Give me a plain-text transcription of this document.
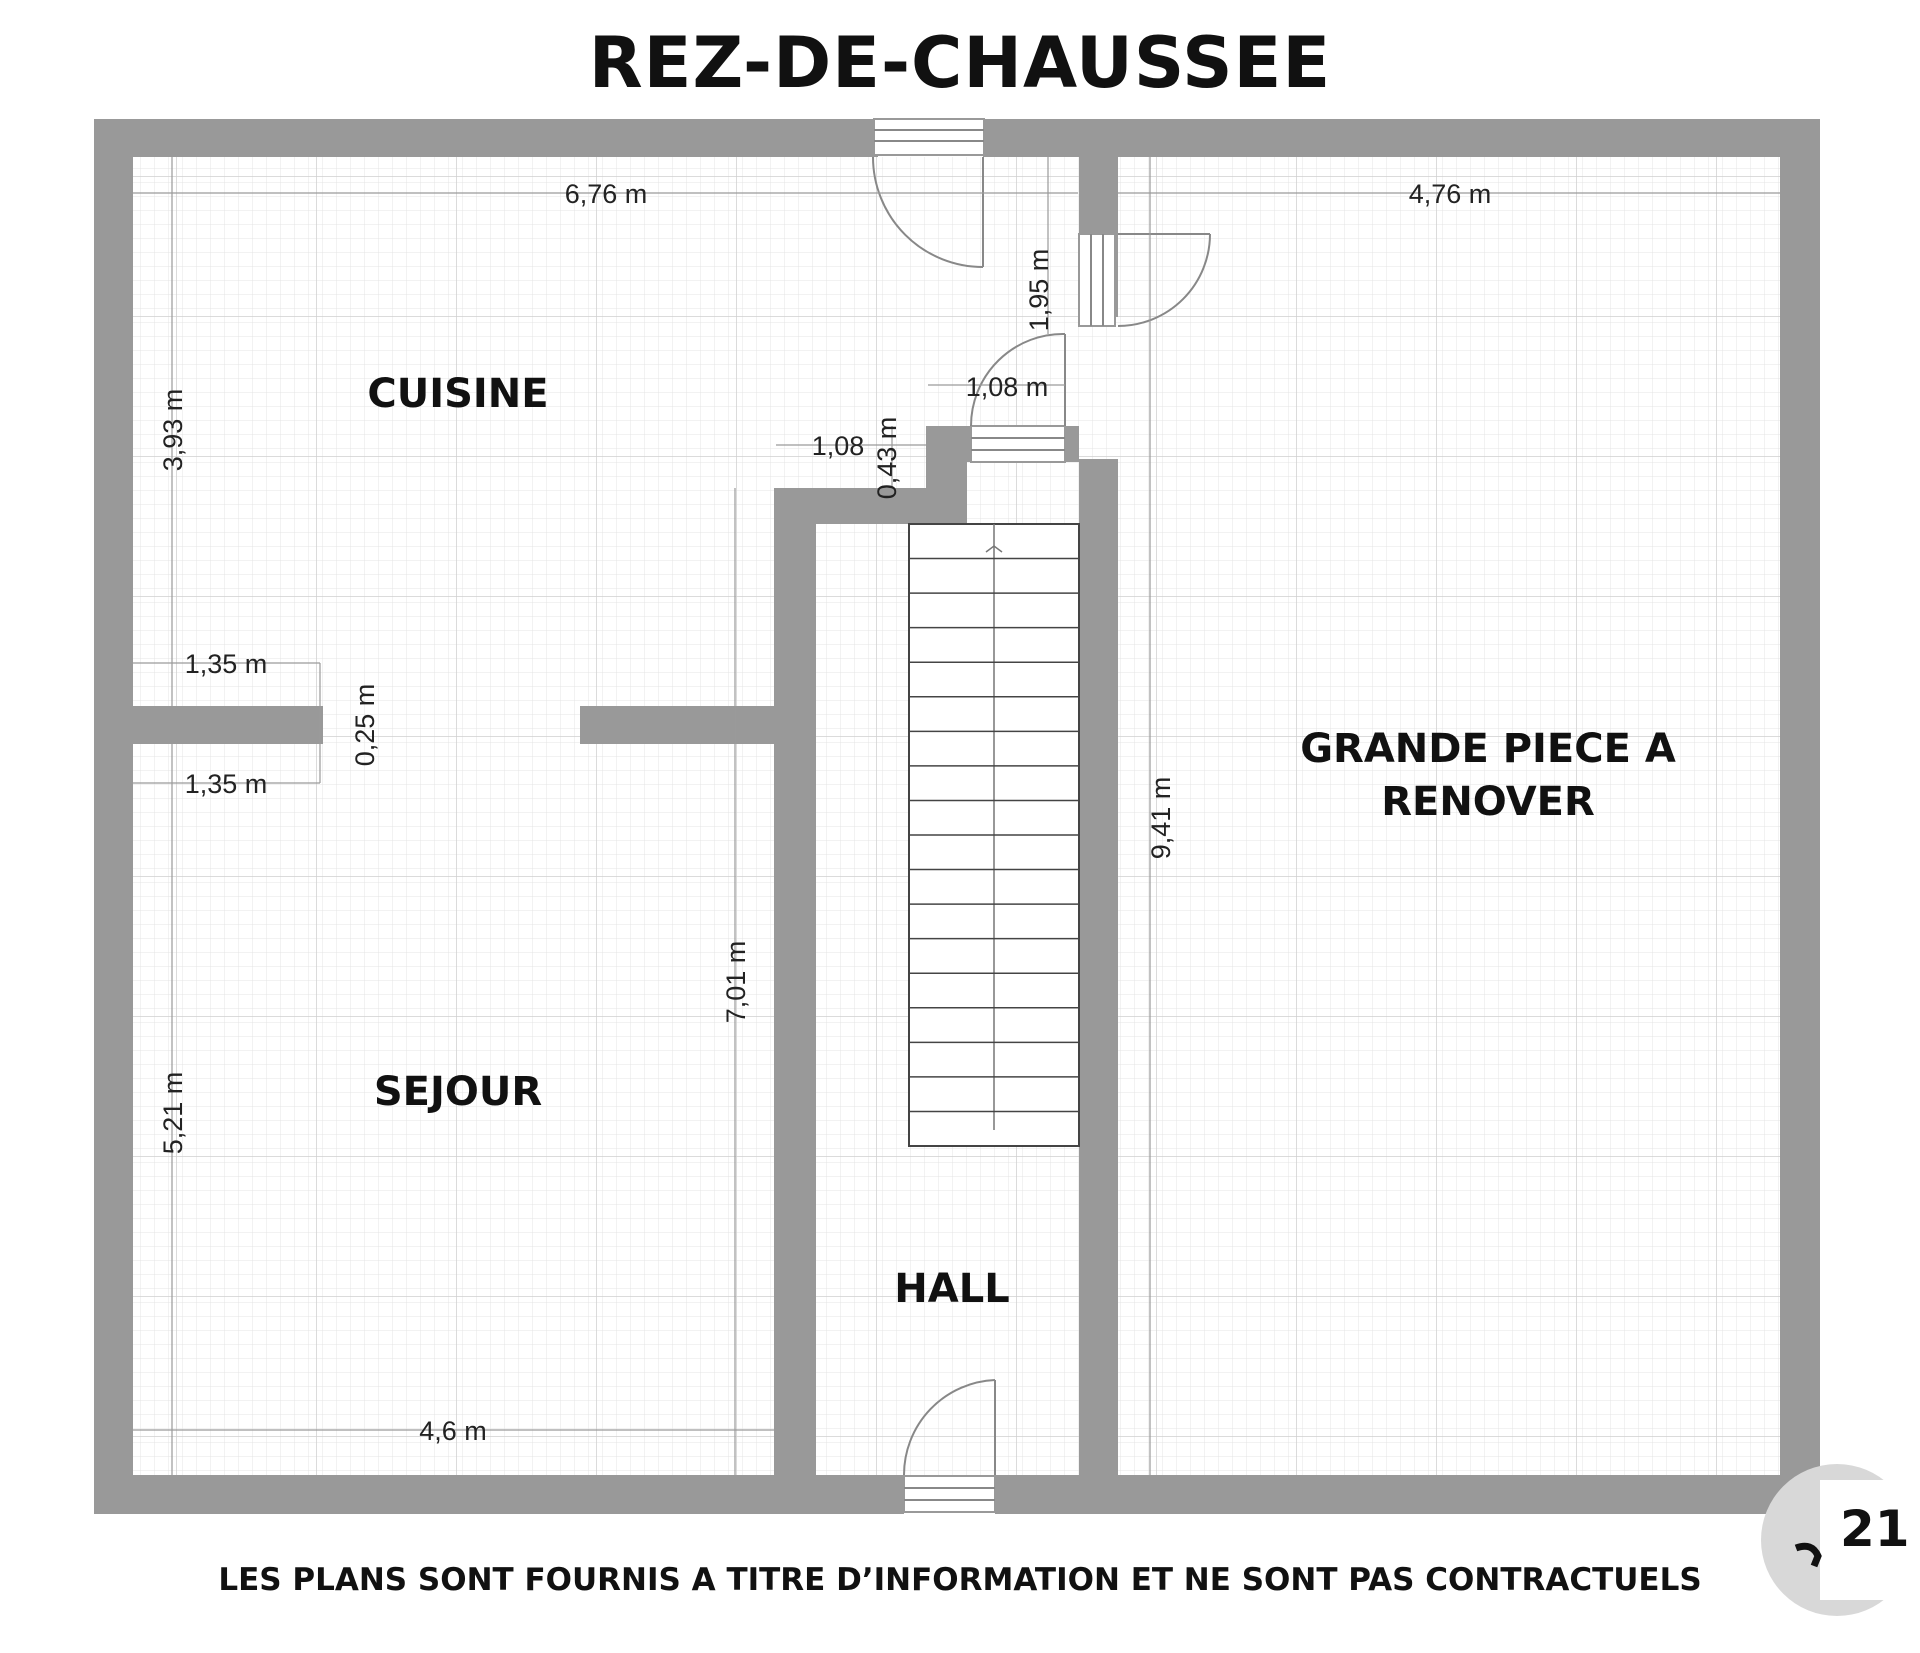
REZ-DE-CHAUSSEE
CUISINE
SEJOUR
HALL
GRANDE PIECE A
RENOVER
6,76 m	4,76 m
1,95 m
1,08 m
1,08 0,43 m
3,93 m
1,35 m
1,35 m
0,25 m
9,41 m
7,01 m
5,21 m
4,6 m
21
LES PLANS SONT FOURNIS A TITRE D’INFORMATION ET NE SONT PAS CONTRACTUELS
